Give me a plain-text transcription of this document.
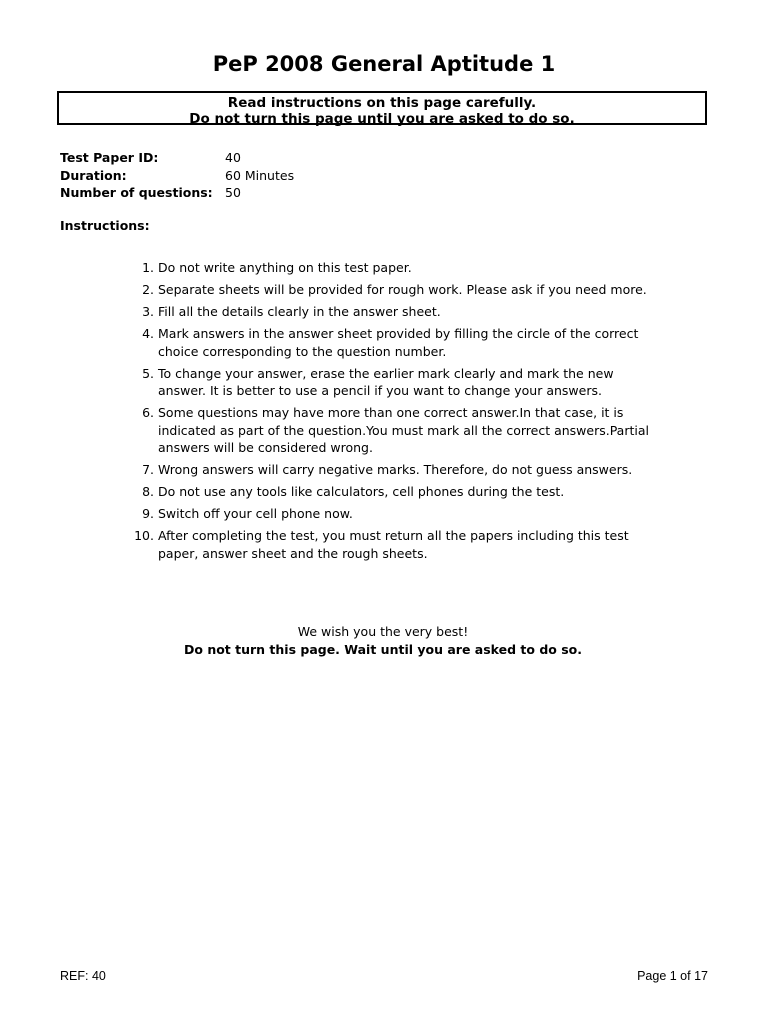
PeP 2008 General Aptitude 1
Read instructions on this page carefully.
Do not turn this page until you are asked to do so.
Test Paper ID:	40
Duration:	60 Minutes
Number of questions: 50
Instructions:
1. Do not write anything on this test paper.
2. Separate sheets will be provided for rough work. Please ask if you need more.
3. Fill all the details clearly in the answer sheet.
4. Mark answers in the answer sheet provided by filling the circle of the correct choice corresponding to the question number.
5. To change your answer, erase the earlier mark clearly and mark the new answer. It is better to use a pencil if you want to change your answers.
6. Some questions may have more than one correct answer.In that case, it is indicated as part of the question.You must mark all the correct answers.Partial answers will be considered wrong.
7. Wrong answers will carry negative marks. Therefore, do not guess answers.
8. Do not use any tools like calculators, cell phones during the test.
9. Switch off your cell phone now.
10. After completing the test, you must return all the papers including this test paper, answer sheet and the rough sheets.
We wish you the very best!
Do not turn this page. Wait until you are asked to do so.
REF: 40	Page 1 of 17
